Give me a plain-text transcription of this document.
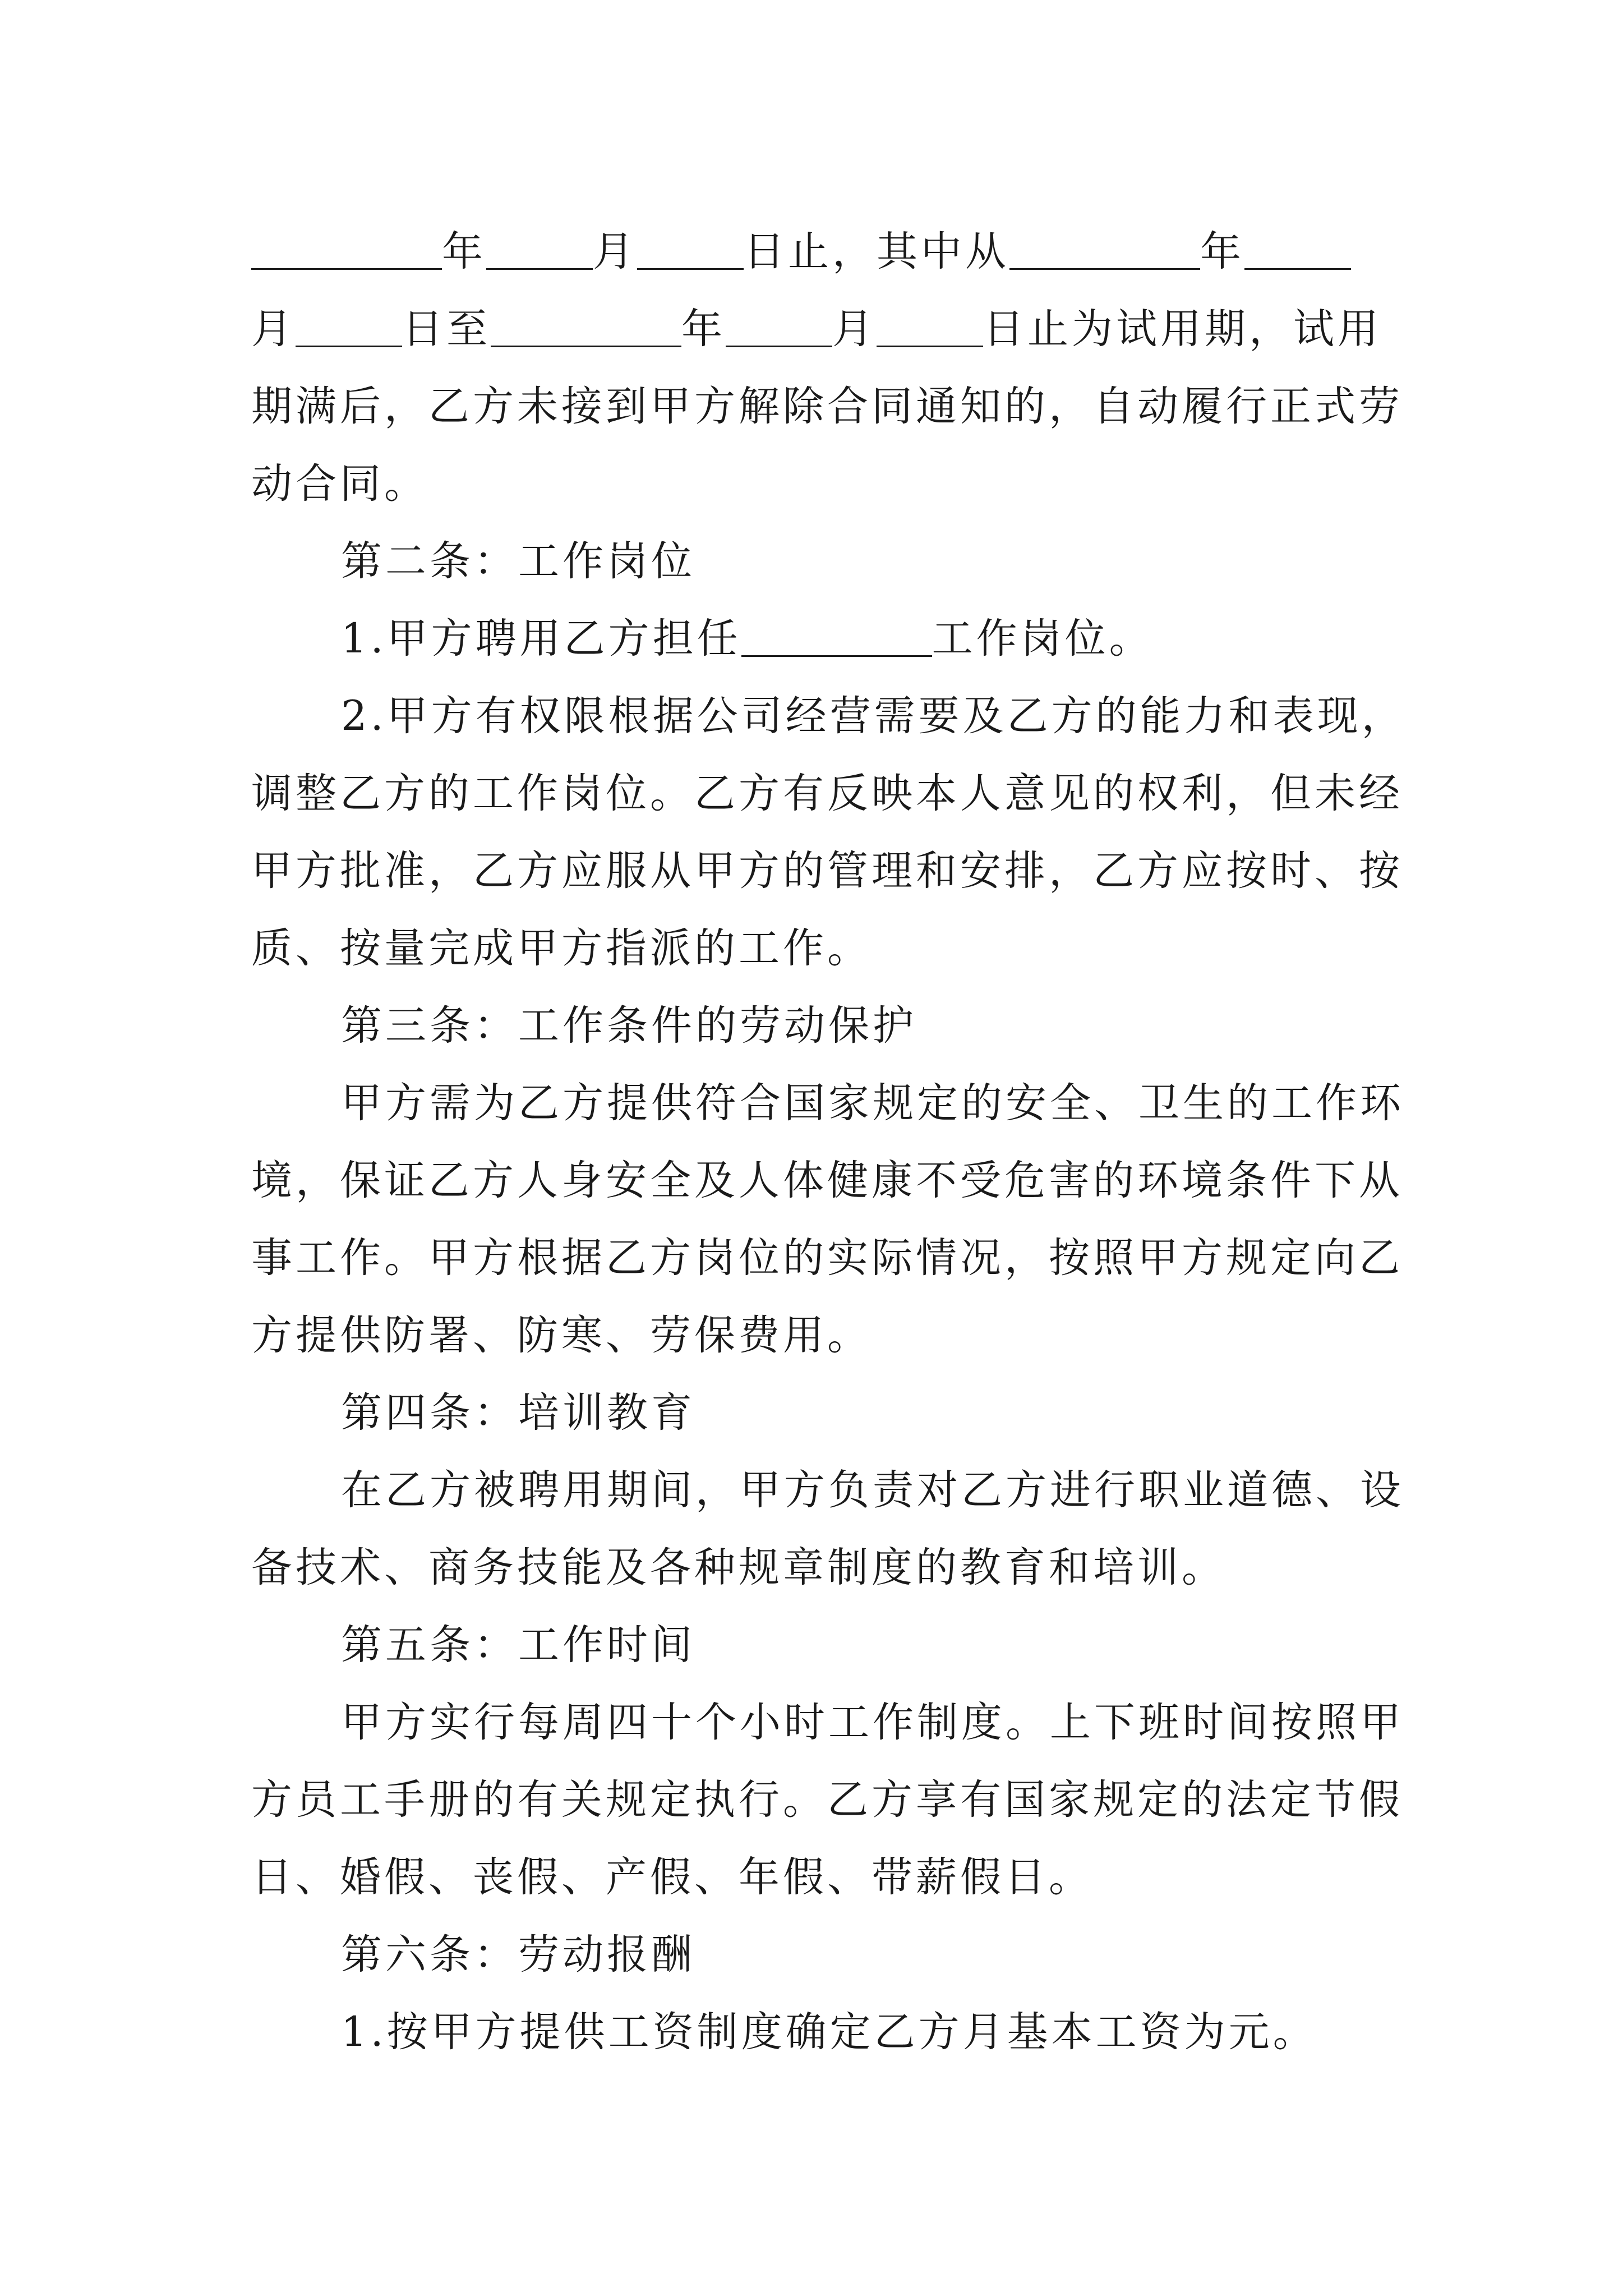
年	月	日止，其中从	年
月	日至	年	月	日止为试用期，试用
期满后，乙方未接到甲方解除合同通知的，自动履行正式劳
动合同。
第二条：工作岗位
1.甲方聘用乙方担任	工作岗位。
2.甲方有权限根据公司经营需要及乙方的能力和表现，
调整乙方的工作岗位。乙方有反映本人意见的权利，但未经
甲方批准，乙方应服从甲方的管理和安排，乙方应按时、按
质、按量完成甲方指派的工作。
第三条：工作条件的劳动保护
甲方需为乙方提供符合国家规定的安全、卫生的工作环
境，保证乙方人身安全及人体健康不受危害的环境条件下从
事工作。甲方根据乙方岗位的实际情况，按照甲方规定向乙
方提供防署、防寒、劳保费用。
第四条：培训教育
在乙方被聘用期间，甲方负责对乙方进行职业道德、设
备技术、商务技能及各种规章制度的教育和培训。
第五条：工作时间
甲方实行每周四十个小时工作制度。上下班时间按照甲
方员工手册的有关规定执行。乙方享有国家规定的法定节假
日、婚假、丧假、产假、年假、带薪假日。
第六条：劳动报酬
1.按甲方提供工资制度确定乙方月基本工资为元。
